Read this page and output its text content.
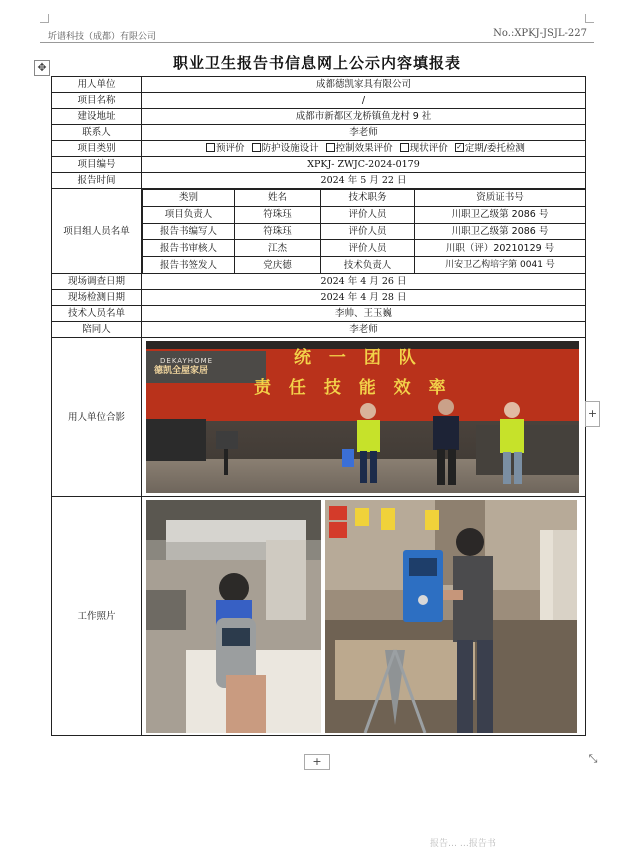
圻谱科技（成都）有限公司	No.:XPKJ-JSJL-227
✥	职业卫生报告书信息网上公示内容填报表
用人单位	成都德凯家具有限公司
项目名称	/
建设地址	成都市新都区龙桥镇鱼龙村 9 社
联系人	李老师
项目类别	预评价 防护设施设计 控制效果评价 现状评价 ✓ 定期/委托检测
项目编号	XPKJ- ZWJC-2024-0179
报告时间	2024 年 5 月 22 日
项目组人员名单	
类别	姓名	技术职务	资质证书号
项目负责人	符珠珏	评价人员	川职卫乙级第 2086 号
报告书编写人	符珠珏	评价人员	川职卫乙级第 2086 号
报告书审核人	江杰	评价人员	川职（评）20210129 号
报告书签发人	党庆德	技术负责人	川安卫乙构培字第 0041 号

现场调查日期	2024 年 4 月 26 日
现场检测日期	2024 年 4 月 28 日
技术人员名单	李帅、王玉巍
陪同人	李老师
用人单位合影	
DEKAYHOME
德凯全屋家居
统 一 团 队
责 任 技 能 效 率

工作照片	
+
+	⤡
报告… …报告书
